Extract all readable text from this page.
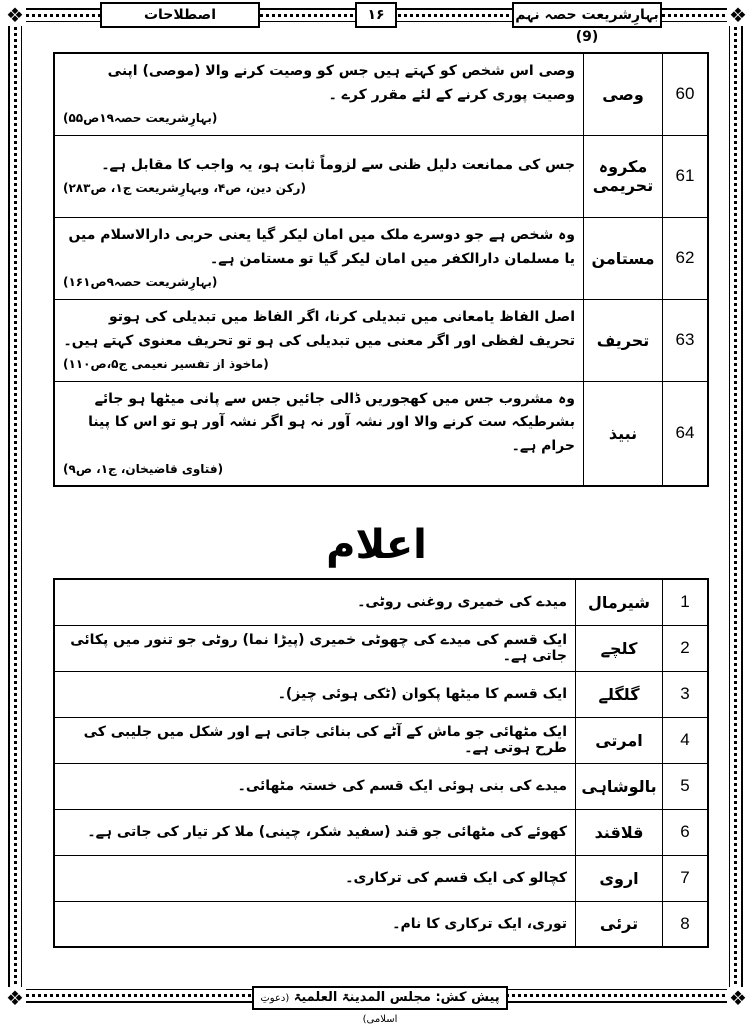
❖	❖
❖	❖
اصطلاحات	۱۶	بہارِشریعت حصہ نہم (9)
60	وصی	وصی اس شخص کو کہتے ہیں جس کو وصیت کرنے والا (موصی) اپنی وصیت پوری کرنے کے لئے مقرر کرے ۔
(بہارِشریعت حصہ۱۹ص۵۵)

61	مکروہ تحریمی	جس کی ممانعت دلیل ظنی سے لزوماً ثابت ہو، یہ واجب کا مقابل ہے۔
(رکن دین، ص۴، وبہارِشریعت ج۱، ص۲۸۳)

62	مستامن	وہ شخص ہے جو دوسرے ملک میں امان لیکر گیا یعنی حربی دارالاسلام میں یا مسلمان دارالکفر میں امان لیکر گیا تو مستامن ہے۔
(بہارِشریعت حصہ۹ص۱۶۱)

63	تحریف	اصل الفاظ یامعانی میں تبدیلی کرنا، اگر الفاظ میں تبدیلی کی ہوتو تحریف لفظی اور اگر معنی میں تبدیلی کی ہو تو تحریف معنوی کہتے ہیں۔
(ماخوذ از تفسیر نعیمی ج۵،ص۱۱۰)

64	نبیذ	وہ مشروب جس میں کھجوریں ڈالی جائیں جس سے پانی میٹھا ہو جائے بشرطیکہ ست کرنے والا اور نشہ آور نہ ہو اگر نشہ آور ہو تو اس کا پینا حرام ہے۔
(فتاوی قاضیخان، ج۱، ص۹)
اعلام
1	شیرمال	میدے کی خمیری روغنی روٹی۔
2	کلچے	ایک قسم کی میدے کی چھوٹی خمیری (پیڑا نما) روٹی جو تنور میں پکائی جاتی ہے۔
3	گلگلے	ایک قسم کا میٹھا پکوان (ٹکی ہوئی چیز)۔
4	امرتی	ایک مٹھائی جو ماش کے آٹے کی بنائی جاتی ہے اور شکل میں جلیبی کی طرح ہوتی ہے۔
5	بالوشاہی	میدے کی بنی ہوئی ایک قسم کی خستہ مٹھائی۔
6	قلاقند	کھوئے کی مٹھائی جو قند (سفید شکر، چینی) ملا کر تیار کی جاتی ہے۔
7	اروی	کچالو کی ایک قسم کی ترکاری۔
8	ترئی	توری، ایک ترکاری کا نام۔
پیش کش: مجلس المدینۃ العلمیۃ (دعوتِ اسلامی)
